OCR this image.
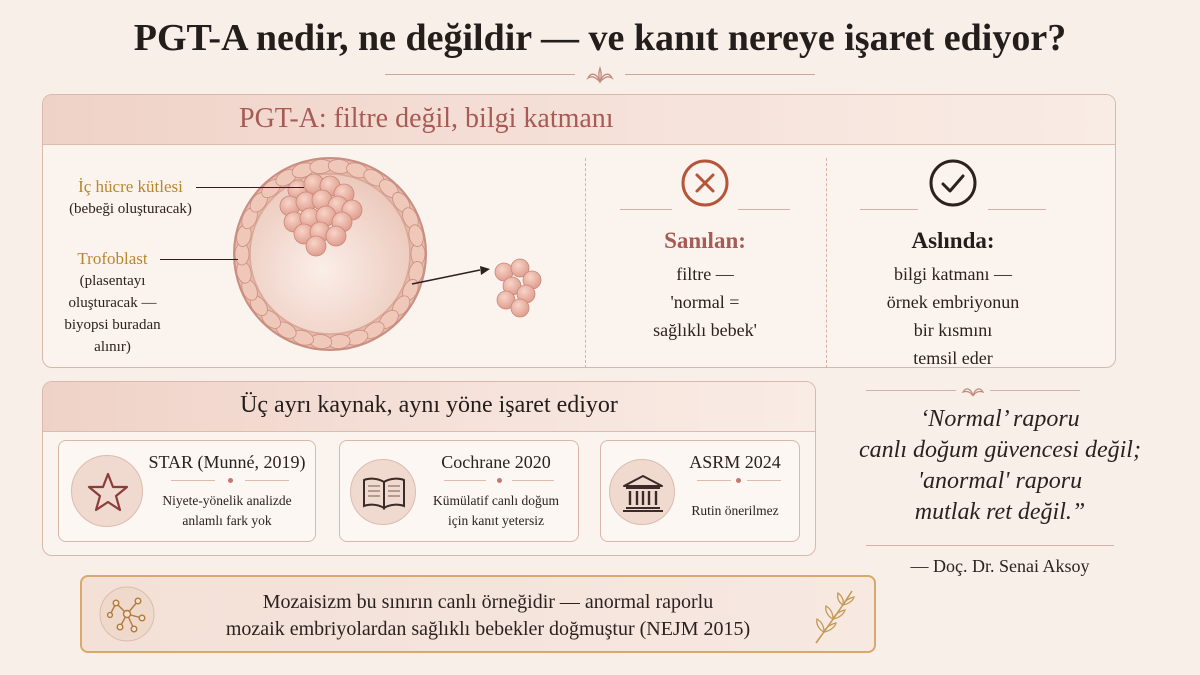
PGT-A nedir, ne değildir — ve kanıt nereye işaret ediyor?
PGT-A: filtre değil, bilgi katmanı
İç hücre kütlesi
(bebeği oluşturacak)
Trofoblast
(plasentayı
oluşturacak —
biyopsi buradan
alınır)
Sanılan:
filtre —
'normal =
sağlıklı bebek'
Aslında:
bilgi katmanı —
örnek embriyonun
bir kısmını
temsil eder
Üç ayrı kaynak, aynı yöne işaret ediyor
STAR (Munné, 2019)
Niyete-yönelik analizde
anlamlı fark yok
Cochrane 2020
Kümülatif canlı doğum
için kanıt yetersiz
ASRM 2024
Rutin önerilmez
‘Normal’ raporu
canlı doğum güvencesi değil;
'anormal' raporu
mutlak ret değil.”
— Doç. Dr. Senai Aksoy
Mozaisizm bu sınırın canlı örneğidir — anormal raporlu
mozaik embriyolardan sağlıklı bebekler doğmuştur (NEJM 2015)
